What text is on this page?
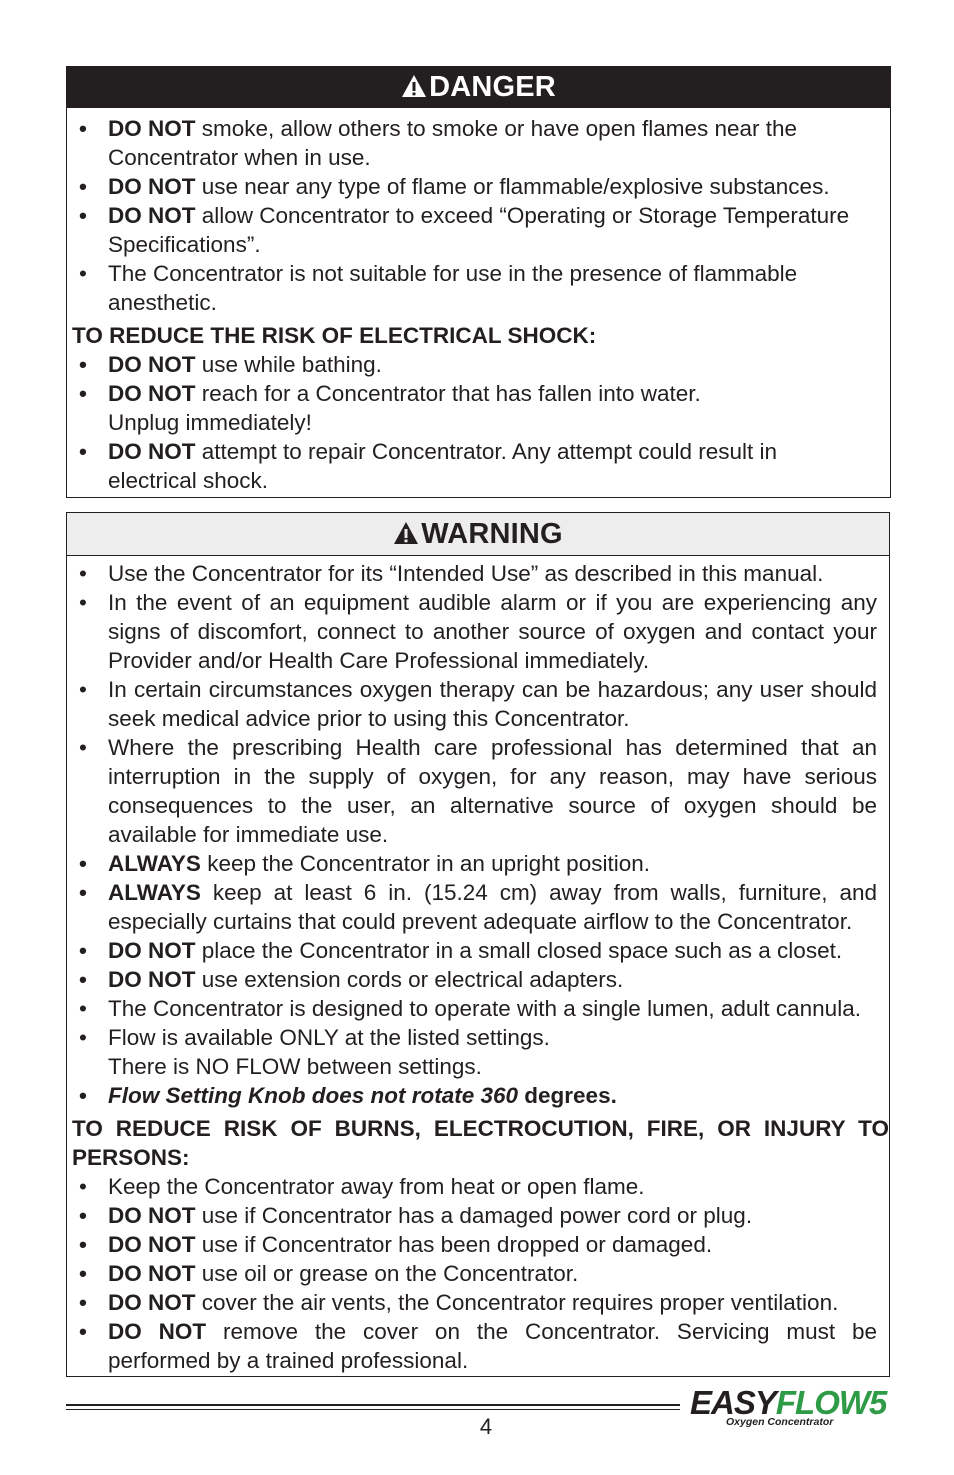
DANGER
• DO NOT smoke, allow others to smoke or have open flames near the Concentrator when in use.
• DO NOT use near any type of flame or flammable/explosive substances.
• DO NOT allow Concentrator to exceed “Operating or Storage Temperature Specifications”.
• The Concentrator is not suitable for use in the presence of flammable anesthetic.
TO REDUCE THE RISK OF ELECTRICAL SHOCK:
• DO NOT use while bathing.
• DO NOT reach for a Concentrator that has fallen into water.
Unplug immediately!
• DO NOT attempt to repair Concentrator. Any attempt could result in electrical shock.
WARNING
• Use the Concentrator for its “Intended Use” as described in this manual.
• In the event of an equipment audible alarm or if you are experiencing any signs of discomfort, connect to another source of oxygen and contact your Provider and/or Health Care Professional immediately.
• In certain circumstances oxygen therapy can be hazardous; any user should seek medical advice prior to using this Concentrator.
• Where the prescribing Health care professional has determined that an interruption in the supply of oxygen, for any reason, may have serious consequences to the user, an alternative source of oxygen should be available for immediate use.
• ALWAYS keep the Concentrator in an upright position.
• ALWAYS keep at least 6 in. (15.24 cm) away from walls, furniture, and especially curtains that could prevent adequate airflow to the Concentrator.
• DO NOT place the Concentrator in a small closed space such as a closet.
• DO NOT use extension cords or electrical adapters.
• The Concentrator is designed to operate with a single lumen, adult cannula.
• Flow is available ONLY at the listed settings.
There is NO FLOW between settings.
• Flow Setting Knob does not rotate 360 degrees.
TO REDUCE RISK OF BURNS, ELECTROCUTION, FIRE, OR INJURY TO PERSONS:
• Keep the Concentrator away from heat or open flame.
• DO NOT use if Concentrator has a damaged power cord or plug.
• DO NOT use if Concentrator has been dropped or damaged.
• DO NOT use oil or grease on the Concentrator.
• DO NOT cover the air vents, the Concentrator requires proper ventilation.
• DO NOT remove the cover on the Concentrator. Servicing must be performed by a trained professional.
4
EASYFLOW5
Oxygen Concentrator
